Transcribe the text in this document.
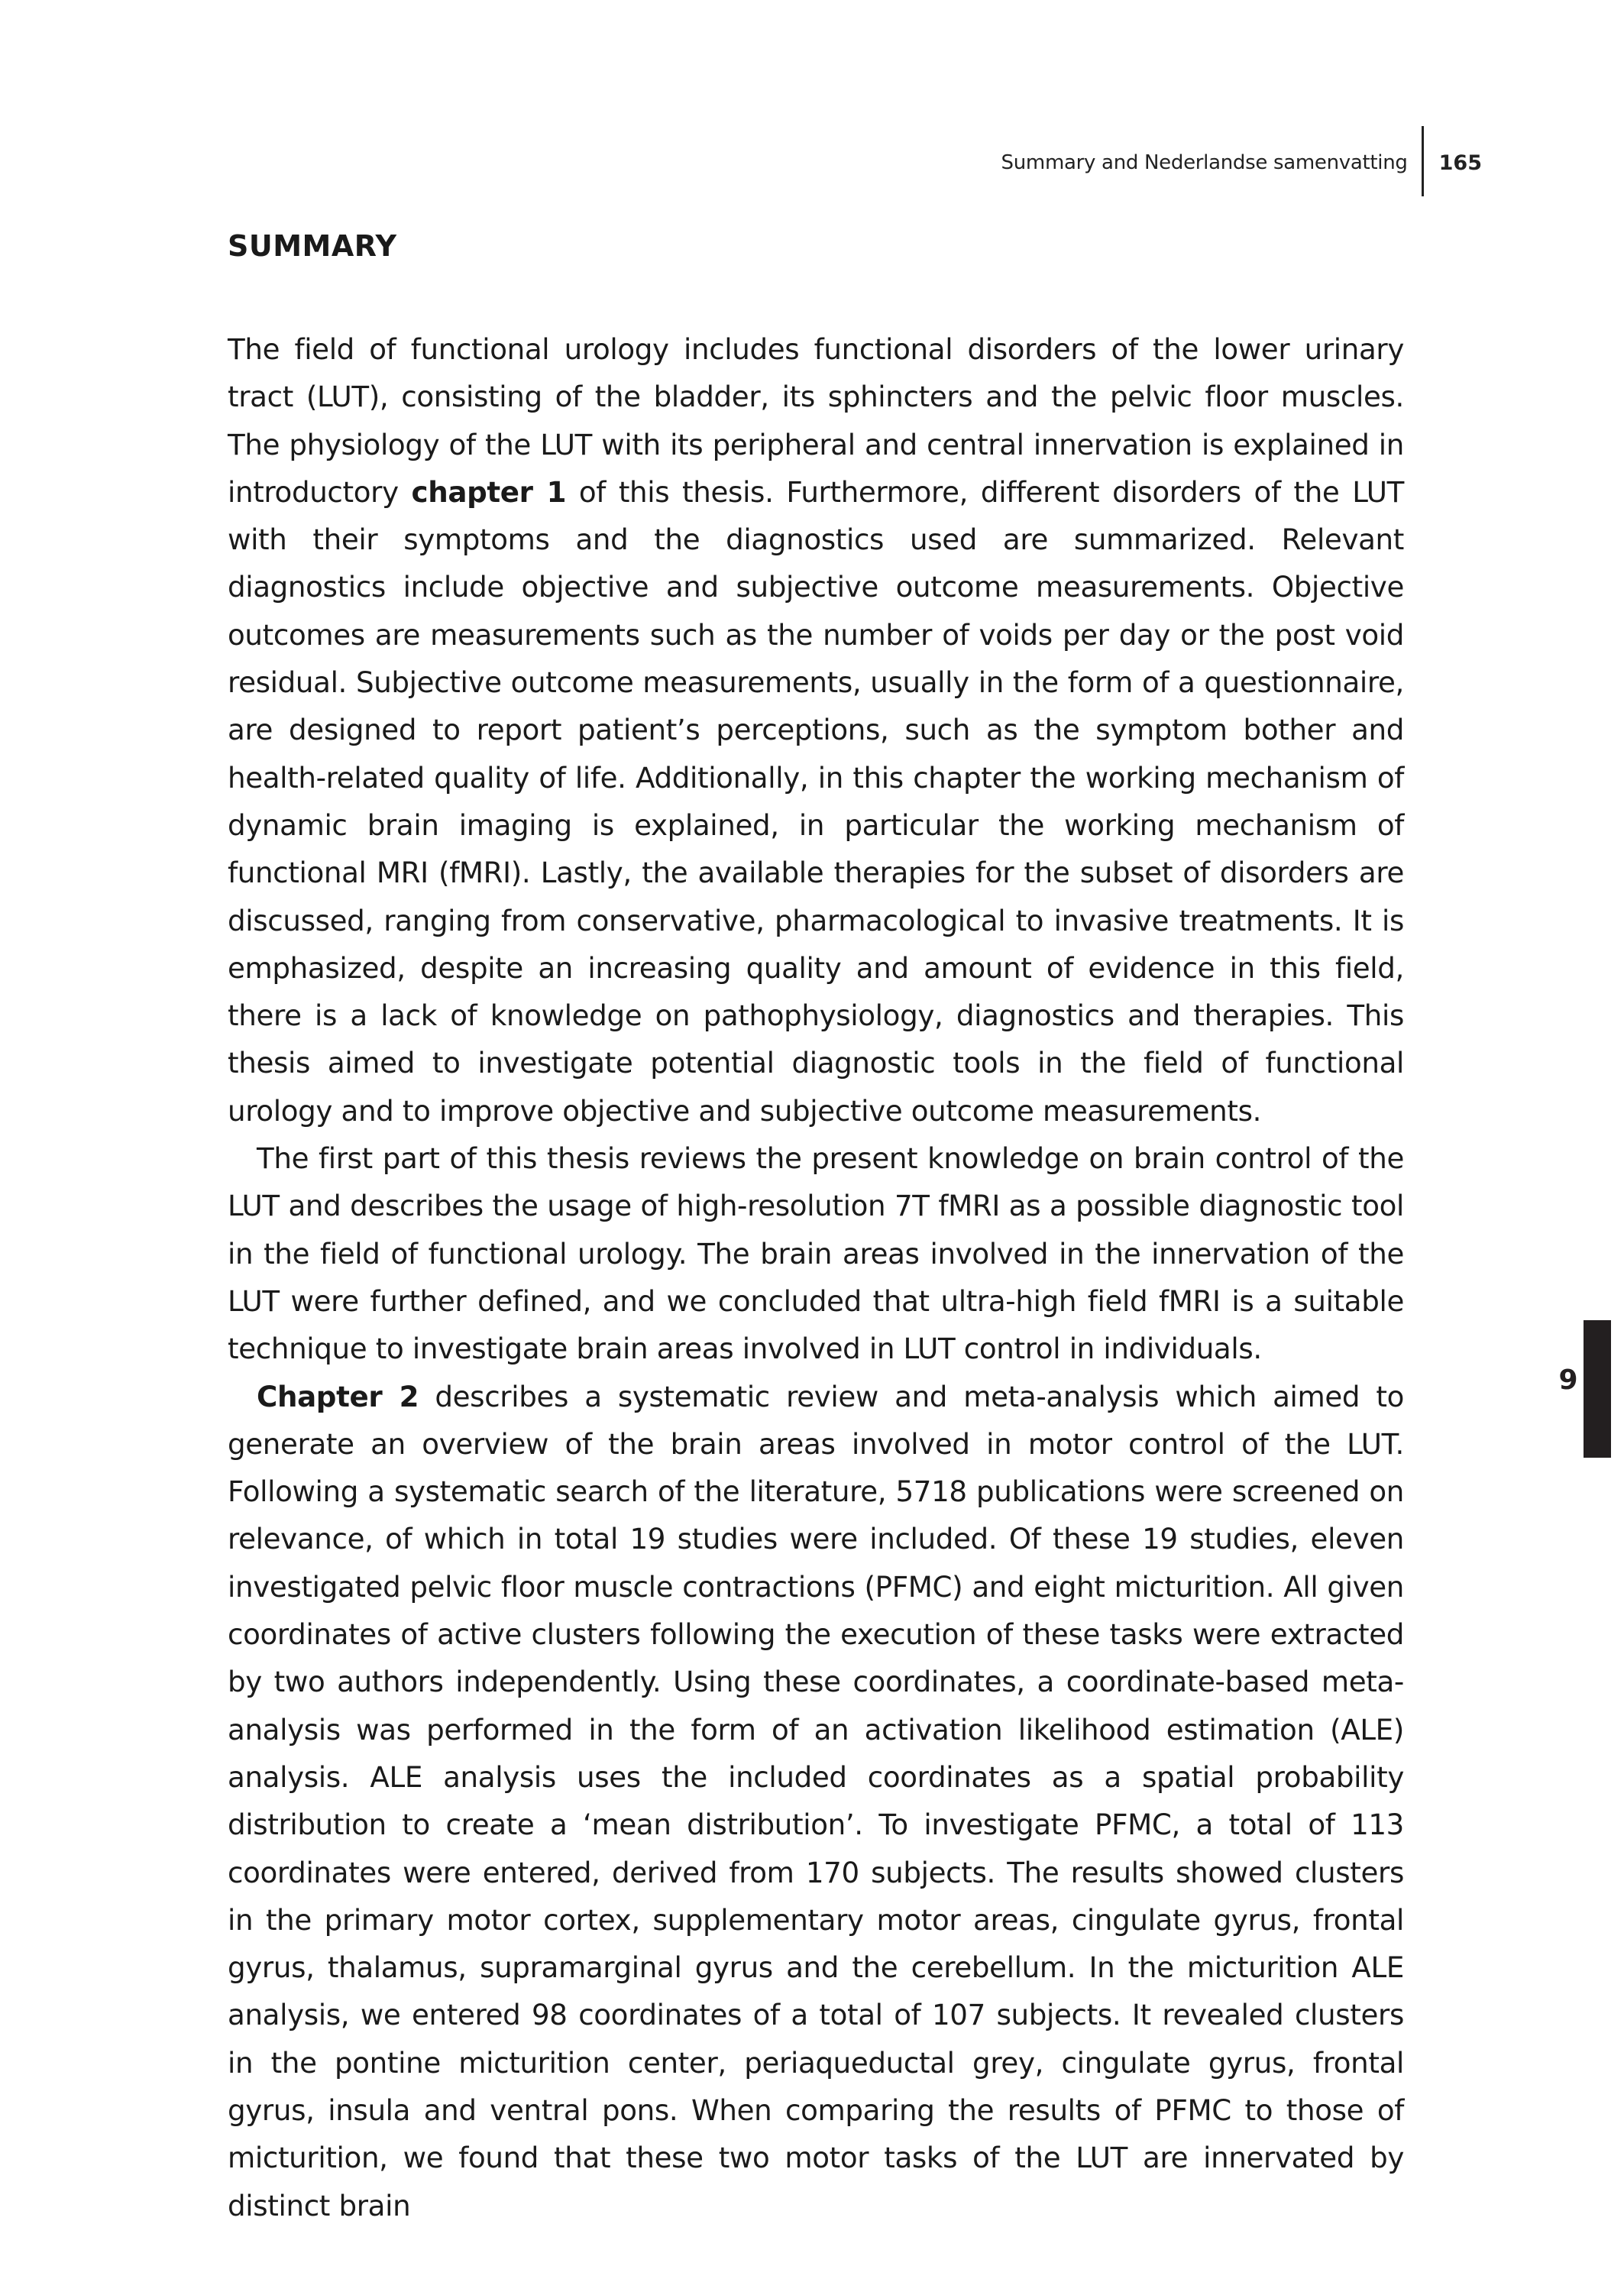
Summary and Nederlandse samenvatting	165
SUMMARY

The field of functional urology includes functional disorders of the lower urinary tract (LUT), consisting of the bladder, its sphincters and the pelvic floor muscles. The physiology of the LUT with its peripheral and central innervation is explained in introductory chapter 1 of this thesis. Furthermore, different disorders of the LUT with their symptoms and the diagnostics used are summarized. Relevant diagnostics include objective and subjective outcome measurements. Objective outcomes are measurements such as the number of voids per day or the post void residual. Subjective outcome measurements, usually in the form of a questionnaire, are designed to report patient’s perceptions, such as the symptom bother and health-related quality of life. Additionally, in this chapter the working mechanism of dynamic brain imaging is explained, in particular the working mechanism of functional MRI (fMRI). Lastly, the available therapies for the subset of disorders are discussed, ranging from conservative, pharmacological to invasive treatments. It is emphasized, despite an increasing quality and amount of evidence in this field, there is a lack of knowledge on pathophysiology, diagnostics and therapies. This thesis aimed to investigate potential diagnostic tools in the field of functional urology and to improve objective and subjective outcome measurements.

The first part of this thesis reviews the present knowledge on brain control of the LUT and describes the usage of high-resolution 7T fMRI as a possible diagnostic tool in the field of functional urology. The brain areas involved in the innervation of the LUT were further defined, and we concluded that ultra-high field fMRI is a suitable technique to investigate brain areas involved in LUT control in individuals.

Chapter 2 describes a systematic review and meta-analysis which aimed to generate an overview of the brain areas involved in motor control of the LUT. Following a systematic search of the literature, 5718 publications were screened on relevance, of which in total 19 studies were included. Of these 19 studies, eleven investigated pelvic floor muscle contractions (PFMC) and eight micturition. All given coordinates of active clusters following the execution of these tasks were extracted by two authors independently. Using these coordinates, a coordinate-based meta-analysis was performed in the form of an activation likelihood estimation (ALE) analysis. ALE analysis uses the included coordinates as a spatial probability distribution to create a ‘mean distribution’. To investigate PFMC, a total of 113 coordinates were entered, derived from 170 subjects. The results showed clusters in the primary motor cortex, supplementary motor areas, cingulate gyrus, frontal gyrus, thalamus, supramarginal gyrus and the cerebellum. In the micturition ALE analysis, we entered 98 coordinates of a total of 107 subjects. It revealed clusters in the pontine micturition center, periaqueductal grey, cingulate gyrus, frontal gyrus, insula and ventral pons. When comparing the results of PFMC to those of micturition, we found that these two motor tasks of the LUT are innervated by distinct brain

9
